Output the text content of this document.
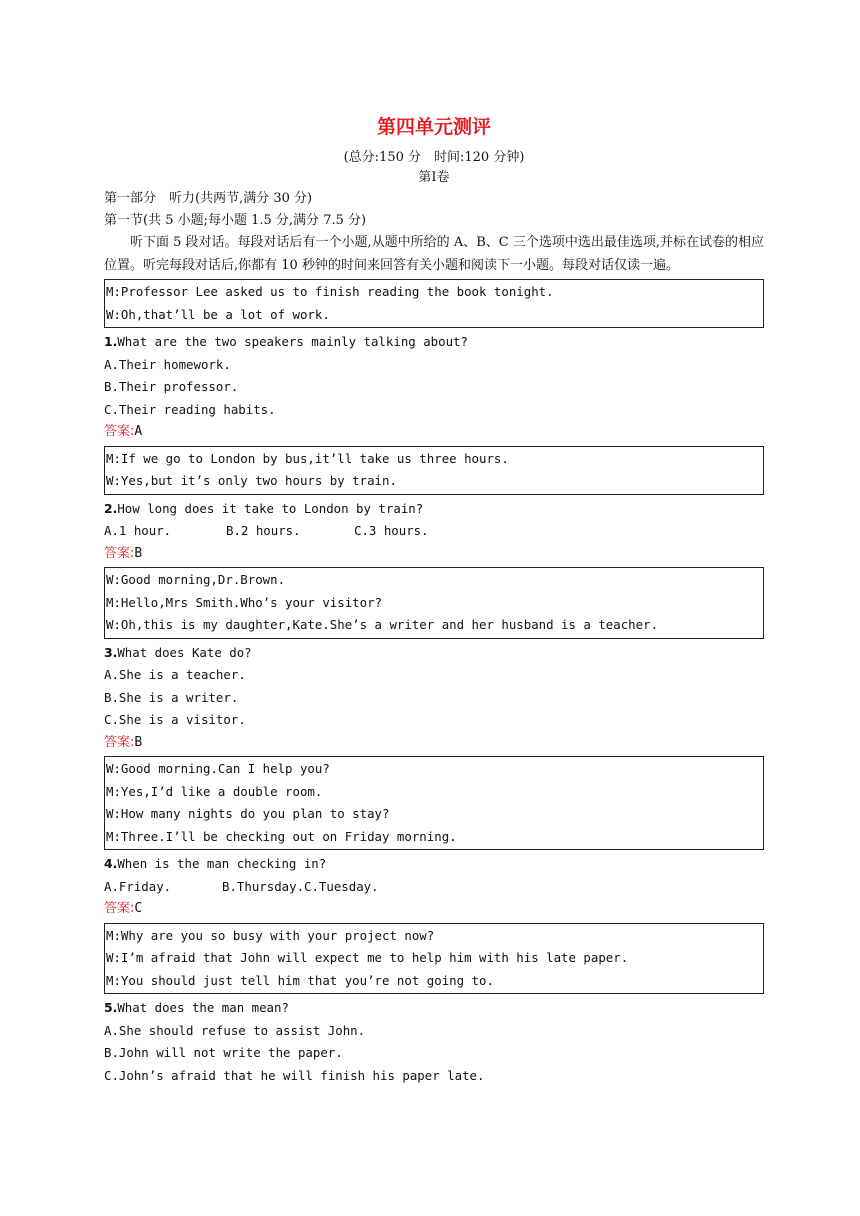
第四单元测评
(总分:150 分　时间:120 分钟)
第Ⅰ卷
第一部分　听力(共两节,满分 30 分)
第一节(共 5 小题;每小题 1.5 分,满分 7.5 分)
听下面 5 段对话。每段对话后有一个小题,从题中所给的 A、B、C 三个选项中选出最佳选项,并标在试卷的相应位置。听完每段对话后,你都有 10 秒钟的时间来回答有关小题和阅读下一小题。每段对话仅读一遍。
M:Professor Lee asked us to finish reading the book tonight.
W:Oh,that’ll be a lot of work.
1.What are the two speakers mainly talking about?
A.Their homework.
B.Their professor.
C.Their reading habits.
答案:A
M:If we go to London by bus,it’ll take us three hours.
W:Yes,but it’s only two hours by train.
2.How long does it take to London by train?
A.1 hour.	B.2 hours.	C.3 hours.
答案:B
W:Good morning,Dr.Brown.
M:Hello,Mrs Smith.Who’s your visitor?
W:Oh,this is my daughter,Kate.She’s a writer and her husband is a teacher.
3.What does Kate do?
A.She is a teacher.
B.She is a writer.
C.She is a visitor.
答案:B
W:Good morning.Can I help you?
M:Yes,I’d like a double room.
W:How many nights do you plan to stay?
M:Three.I’ll be checking out on Friday morning.
4.When is the man checking in?
A.Friday.	B.Thursday. C.Tuesday.
答案:C
M:Why are you so busy with your project now?
W:I’m afraid that John will expect me to help him with his late paper.
M:You should just tell him that you’re not going to.
5.What does the man mean?
A.She should refuse to assist John.
B.John will not write the paper.
C.John’s afraid that he will finish his paper late.
